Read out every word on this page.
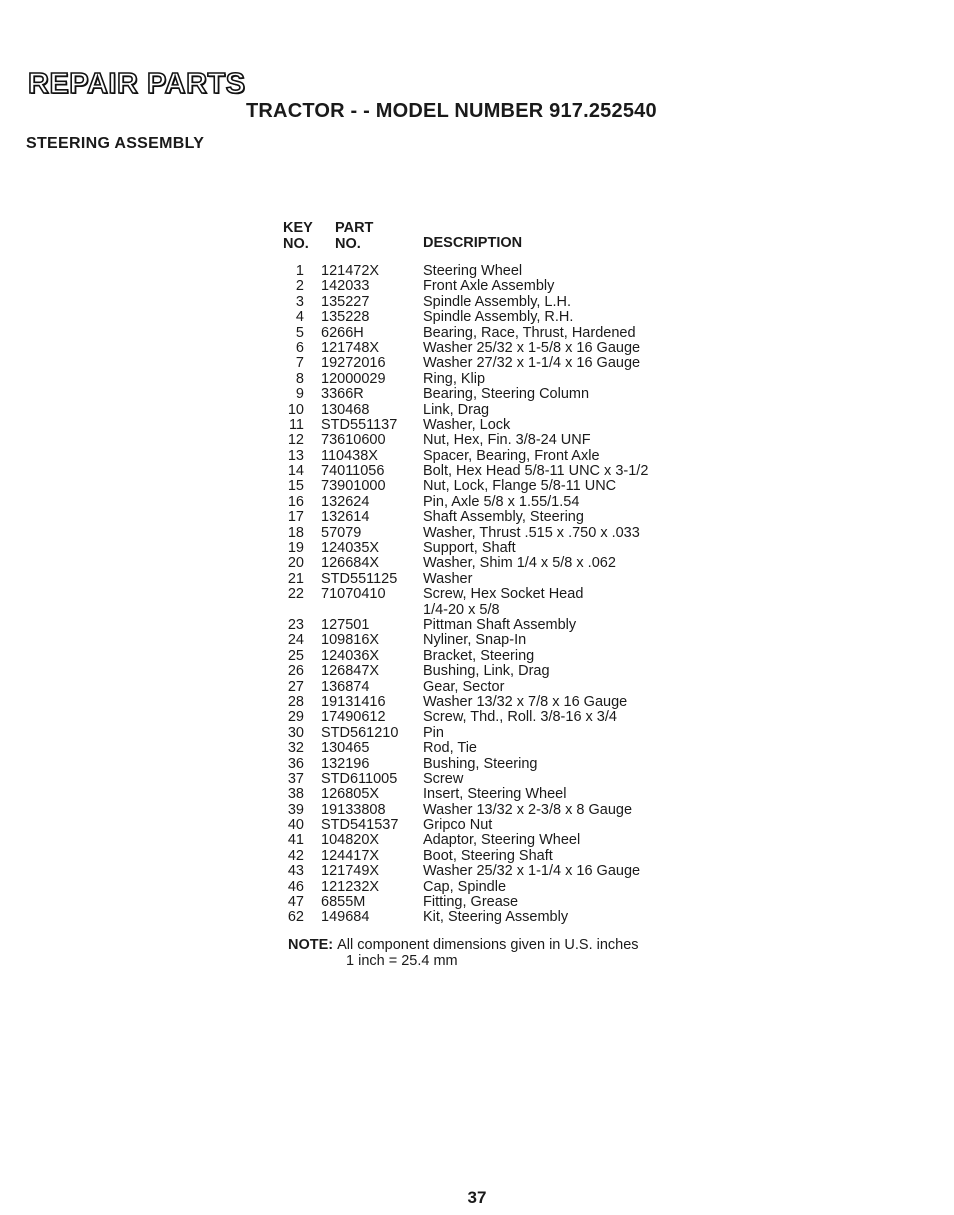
REPAIR PARTS
TRACTOR - - MODEL NUMBER 917.252540
STEERING ASSEMBLY
KEY
NO.
PART
NO.	DESCRIPTION
1 121472X	Steering Wheel
2 142033	Front Axle Assembly
3 135227	Spindle Assembly, L.H.
4 135228	Spindle Assembly, R.H.
5 6266H	Bearing, Race, Thrust, Hardened
6 121748X	Washer 25/32 x 1-5/8 x 16 Gauge
7 19272016	Washer 27/32 x 1-1/4 x 16 Gauge
8 12000029	Ring, Klip
9 3366R	Bearing, Steering Column
10 130468	Link, Drag
11 STD551137 Washer, Lock
12 73610600	Nut, Hex, Fin. 3/8-24 UNF
13 110438X	Spacer, Bearing, Front Axle
14 74011056	Bolt, Hex Head 5/8-11 UNC x 3-1/2
15 73901000	Nut, Lock, Flange 5/8-11 UNC
16 132624	Pin, Axle 5/8 x 1.55/1.54
17 132614	Shaft Assembly, Steering
18 57079	Washer, Thrust .515 x .750 x .033
19 124035X	Support, Shaft
20 126684X	Washer, Shim 1/4 x 5/8 x .062
21 STD551125 Washer
22 71070410	Screw, Hex Socket Head
1/4-20 x 5/8
23 127501	Pittman Shaft Assembly
24 109816X	Nyliner, Snap-In
25 124036X	Bracket, Steering
26 126847X	Bushing, Link, Drag
27 136874	Gear, Sector
28 19131416	Washer 13/32 x 7/8 x 16 Gauge
29 17490612	Screw, Thd., Roll. 3/8-16 x 3/4
30 STD561210 Pin
32 130465	Rod, Tie
36 132196	Bushing, Steering
37 STD611005 Screw
38 126805X	Insert, Steering Wheel
39 19133808	Washer 13/32 x 2-3/8 x 8 Gauge
40 STD541537 Gripco Nut
41 104820X	Adaptor, Steering Wheel
42 124417X	Boot, Steering Shaft
43 121749X	Washer 25/32 x 1-1/4 x 16 Gauge
46 121232X	Cap, Spindle
47 6855M	Fitting, Grease
62 149684	Kit, Steering Assembly
NOTE: All component dimensions given in U.S. inches
1 inch = 25.4 mm
37
